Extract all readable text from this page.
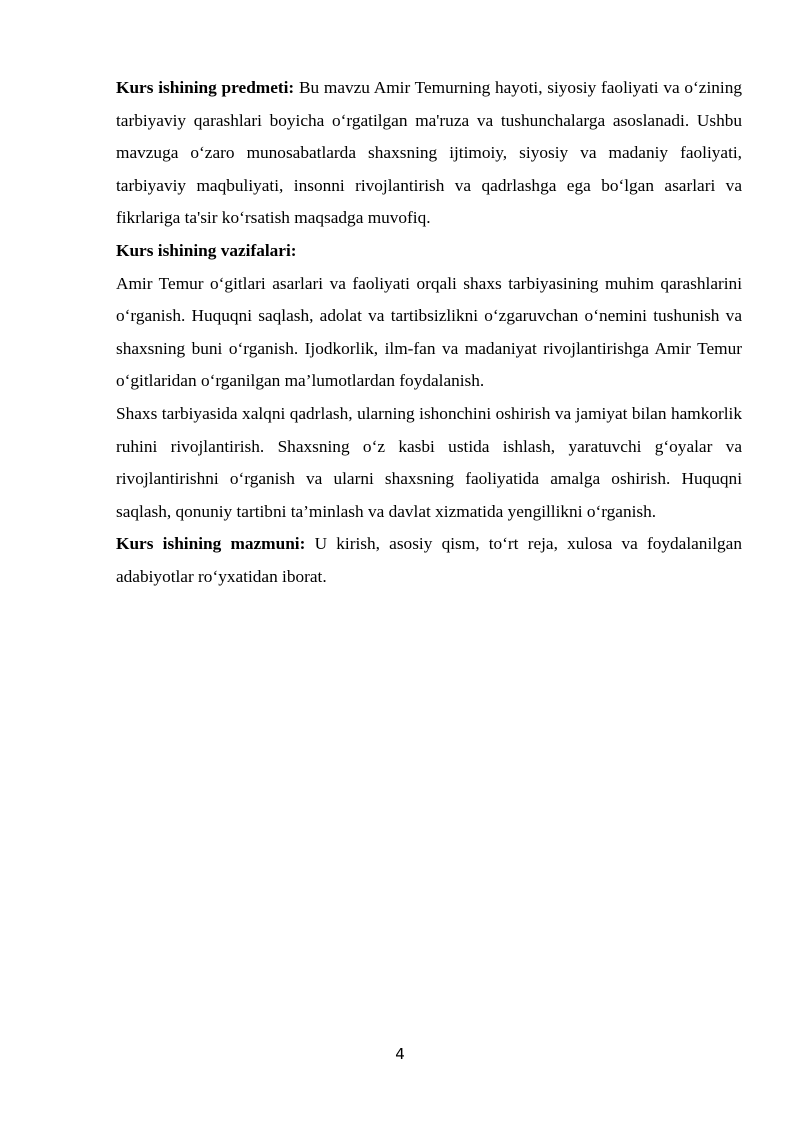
Kurs ishining predmeti: Bu mavzu Amir Temurning hayoti, siyosiy faoliyati va o‘zining tarbiyaviy qarashlari boyicha o‘rgatilgan ma'ruza va tushunchalarga asoslanadi. Ushbu mavzuga o‘zaro munosabatlarda shaxsning ijtimoiy, siyosiy va madaniy faoliyati, tarbiyaviy maqbuliyati, insonni rivojlantirish va qadrlashga ega bo‘lgan asarlari va fikrlariga ta'sir ko‘rsatish maqsadga muvofiq.

Kurs ishining vazifalari:

Amir Temur o‘gitlari asarlari va faoliyati orqali shaxs tarbiyasining muhim qarashlarini o‘rganish. Huquqni saqlash, adolat va tartibsizlikni o‘zgaruvchan o‘nemini tushunish va shaxsning buni o‘rganish. Ijodkorlik, ilm-fan va madaniyat rivojlantirishga Amir Temur o‘gitlaridan o‘rganilgan ma’lumotlardan foydalanish.

Shaxs tarbiyasida xalqni qadrlash, ularning ishonchini oshirish va jamiyat bilan hamkorlik ruhini rivojlantirish. Shaxsning o‘z kasbi ustida ishlash, yaratuvchi g‘oyalar va rivojlantirishni o‘rganish va ularni shaxsning faoliyatida amalga oshirish. Huquqni saqlash, qonuniy tartibni ta’minlash va davlat xizmatida yengillikni o‘rganish.

Kurs ishining mazmuni: U kirish, asosiy qism, to‘rt reja, xulosa va foydalanilgan adabiyotlar ro‘yxatidan iborat.

4
